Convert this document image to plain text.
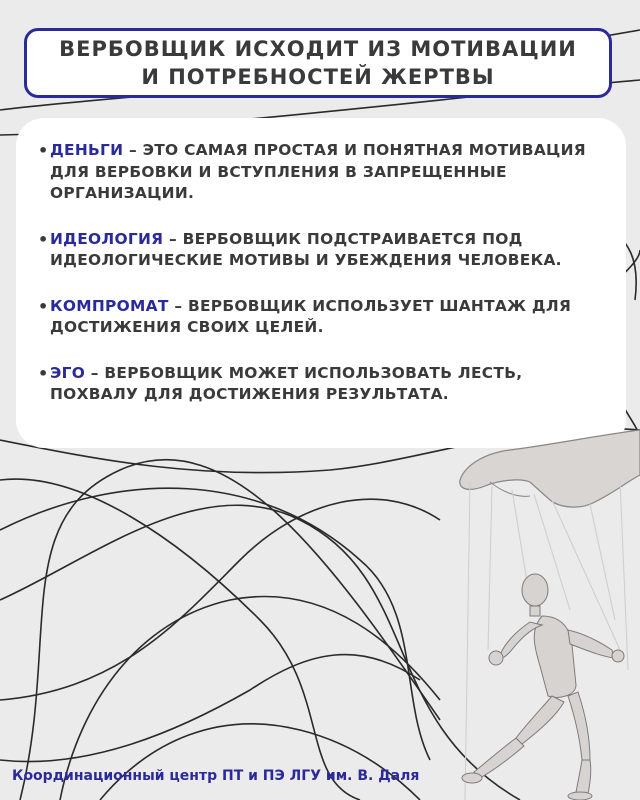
ВЕРБОВЩИК ИСХОДИТ ИЗ МОТИВАЦИИ
И ПОТРЕБНОСТЕЙ ЖЕРТВЫ
• ДЕНЬГИ – ЭТО САМАЯ ПРОСТАЯ И ПОНЯТНАЯ МОТИВАЦИЯ ДЛЯ ВЕРБОВКИ И ВСТУПЛЕНИЯ В ЗАПРЕЩЕННЫЕ ОРГАНИЗАЦИИ.
• ИДЕОЛОГИЯ – ВЕРБОВЩИК ПОДСТРАИВАЕТСЯ ПОД ИДЕОЛОГИЧЕСКИЕ МОТИВЫ И УБЕЖДЕНИЯ ЧЕЛОВЕКА.
• КОМПРОМАТ – ВЕРБОВЩИК ИСПОЛЬЗУЕТ ШАНТАЖ ДЛЯ ДОСТИЖЕНИЯ СВОИХ ЦЕЛЕЙ.
• ЭГО – ВЕРБОВЩИК МОЖЕТ ИСПОЛЬЗОВАТЬ ЛЕСТЬ, ПОХВАЛУ ДЛЯ ДОСТИЖЕНИЯ РЕЗУЛЬТАТА.
Координационный центр ПТ и ПЭ ЛГУ им. В. Даля
